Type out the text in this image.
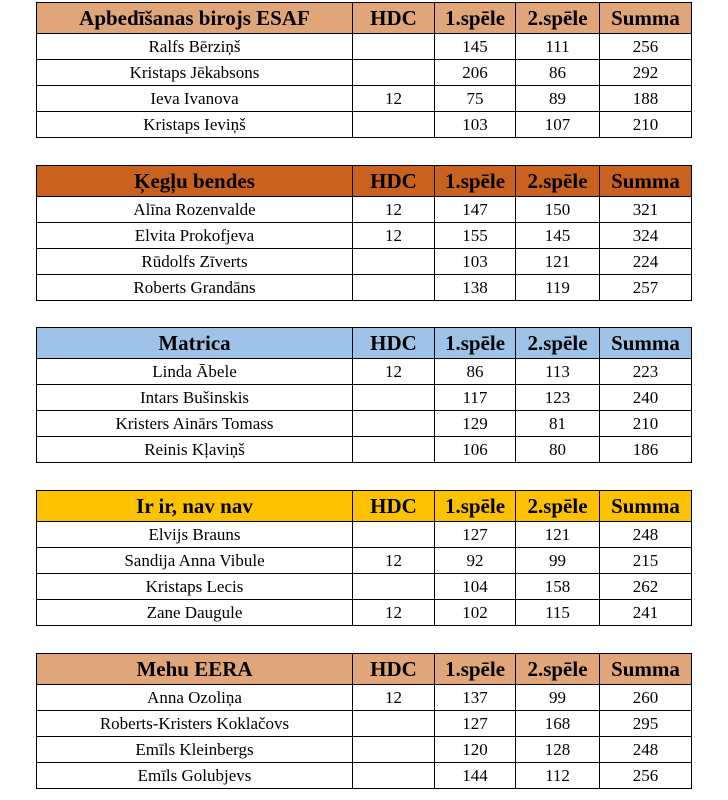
Apbedīšanas birojs ESAF	HDC	1.spēle	2.spēle	Summa
Ralfs Bērziņš		145	111	256
Kristaps Jēkabsons		206	86	292
Ieva Ivanova	12	75	89	188
Kristaps Ieviņš		103	107	210
Ķegļu bendes	HDC	1.spēle	2.spēle	Summa
Alīna Rozenvalde	12	147	150	321
Elvita Prokofjeva	12	155	145	324
Rūdolfs Zīverts		103	121	224
Roberts Grandāns		138	119	257
Matrica	HDC	1.spēle	2.spēle	Summa
Linda Ābele	12	86	113	223
Intars Bušinskis		117	123	240
Kristers Ainārs Tomass		129	81	210
Reinis Kļaviņš		106	80	186
Ir ir, nav nav	HDC	1.spēle	2.spēle	Summa
Elvijs Brauns		127	121	248
Sandija Anna Vibule	12	92	99	215
Kristaps Lecis		104	158	262
Zane Daugule	12	102	115	241
Mehu EERA	HDC	1.spēle	2.spēle	Summa
Anna Ozoliņa	12	137	99	260
Roberts-Kristers Koklačovs		127	168	295
Emīls Kleinbergs		120	128	248
Emīls Golubjevs		144	112	256
